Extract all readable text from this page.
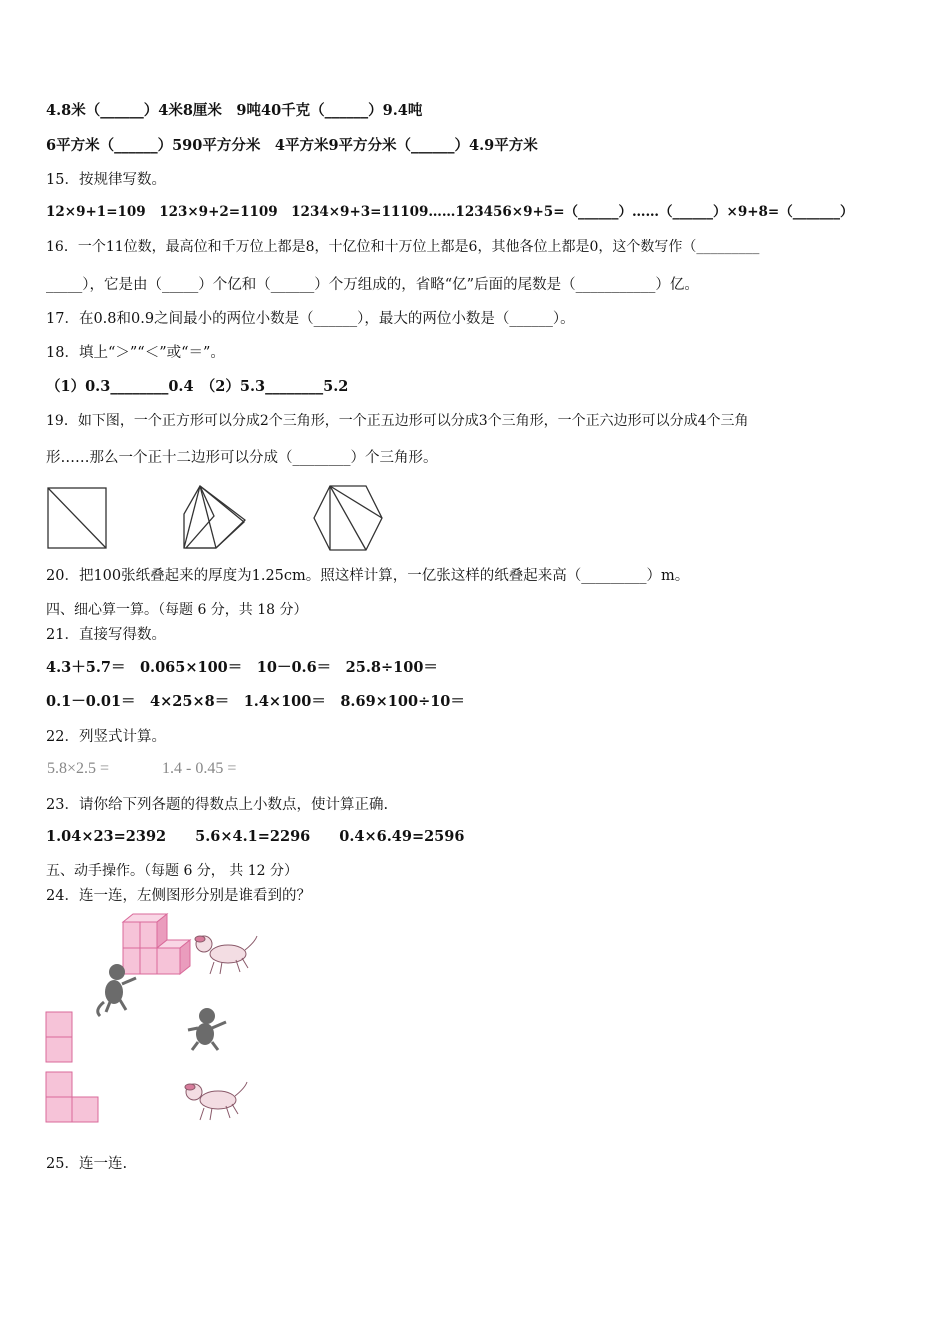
4.8米（______）4米8厘米　9吨40千克（______）9.4吨
6平方米（______）590平方分米　4平方米9平方分米（______）4.9平方米
15．按规律写数。
12×9+1=109　123×9+2=1109　1234×9+3=11109……123456×9+5=（______）……（______）×9+8=（_______）
16．一个11位数，最高位和千万位上都是8，十亿位和十万位上都是6，其他各位上都是0，这个数写作（_________
_____），它是由（_____）个亿和（______）个万组成的，省略“亿”后面的尾数是（___________）亿。
17．在0.8和0.9之间最小的两位小数是（______），最大的两位小数是（______）。
18．填上“＞”“＜”或“＝”。
（1）0.3________0.4　（2）5.3________5.2
19．如下图，一个正方形可以分成2个三角形，一个正五边形可以分成3个三角形，一个正六边形可以分成4个三角
形……那么一个正十二边形可以分成（________）个三角形。
20．把100张纸叠起来的厚度为1.25cm。照这样计算，一亿张这样的纸叠起来高（_________）m。
四、细心算一算。（每题 6 分，共 18 分）
21．直接写得数。
4.3＋5.7＝　0.065×100＝　10－0.6＝　25.8÷100＝
0.1－0.01＝　4×25×8＝　1.4×100＝　8.69×100÷10＝
22．列竖式计算。
5.8×2.5 =	1.4 - 0.45 =
23．请你给下列各题的得数点上小数点，使计算正确.
1.04×23=2392　　5.6×4.1=2296　　0.4×6.49=2596
五、动手操作。（每题 6 分， 共 12 分）
24．连一连，左侧图形分别是谁看到的？
25．连一连.
